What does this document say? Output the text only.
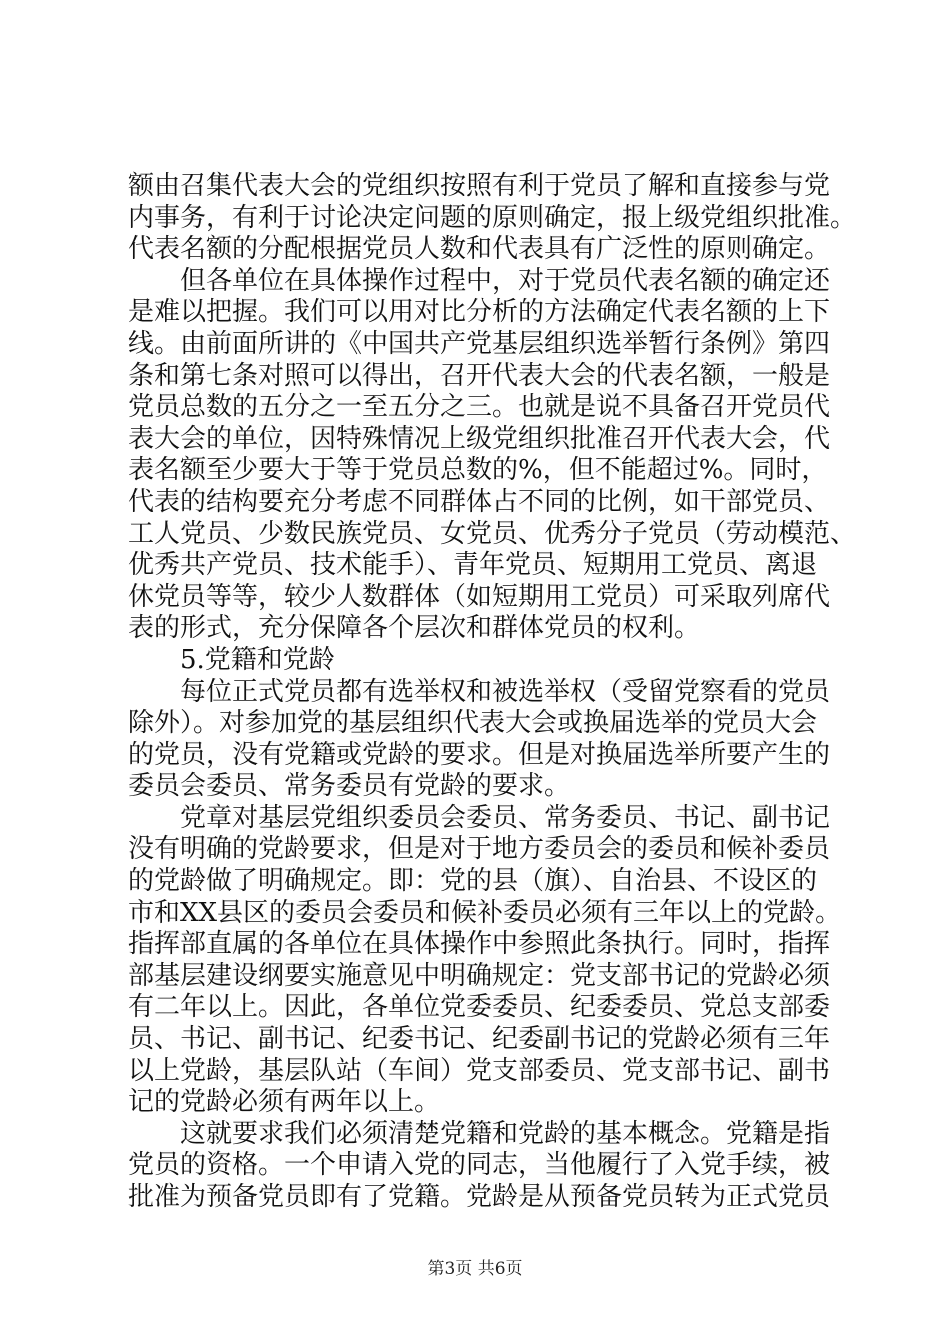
额由召集代表大会的党组织按照有利于党员了解和直接参与党
内事务，有利于讨论决定问题的原则确定，报上级党组织批准。
代表名额的分配根据党员人数和代表具有广泛性的原则确定。
但各单位在具体操作过程中，对于党员代表名额的确定还
是难以把握。我们可以用对比分析的方法确定代表名额的上下
线。由前面所讲的《中国共产党基层组织选举暂行条例》第四
条和第七条对照可以得出，召开代表大会的代表名额，一般是
党员总数的五分之一至五分之三。也就是说不具备召开党员代
表大会的单位，因特殊情况上级党组织批准召开代表大会，代
表名额至少要大于等于党员总数的%，但不能超过%。同时，
代表的结构要充分考虑不同群体占不同的比例，如干部党员、
工人党员、少数民族党员、女党员、优秀分子党员（劳动模范、
优秀共产党员、技术能手）、青年党员、短期用工党员、离退
休党员等等，较少人数群体（如短期用工党员）可采取列席代
表的形式，充分保障各个层次和群体党员的权利。
5.党籍和党龄
每位正式党员都有选举权和被选举权（受留党察看的党员
除外）。对参加党的基层组织代表大会或换届选举的党员大会
的党员，没有党籍或党龄的要求。但是对换届选举所要产生的
委员会委员、常务委员有党龄的要求。
党章对基层党组织委员会委员、常务委员、书记、副书记
没有明确的党龄要求，但是对于地方委员会的委员和候补委员
的党龄做了明确规定。即：党的县（旗）、自治县、不设区的
市和XX县区的委员会委员和候补委员必须有三年以上的党龄。
指挥部直属的各单位在具体操作中参照此条执行。同时，指挥
部基层建设纲要实施意见中明确规定：党支部书记的党龄必须
有二年以上。因此，各单位党委委员、纪委委员、党总支部委
员、书记、副书记、纪委书记、纪委副书记的党龄必须有三年
以上党龄，基层队站（车间）党支部委员、党支部书记、副书
记的党龄必须有两年以上。
这就要求我们必须清楚党籍和党龄的基本概念。党籍是指
党员的资格。一个申请入党的同志，当他履行了入党手续，被
批准为预备党员即有了党籍。党龄是从预备党员转为正式党员
第3页 共6页
